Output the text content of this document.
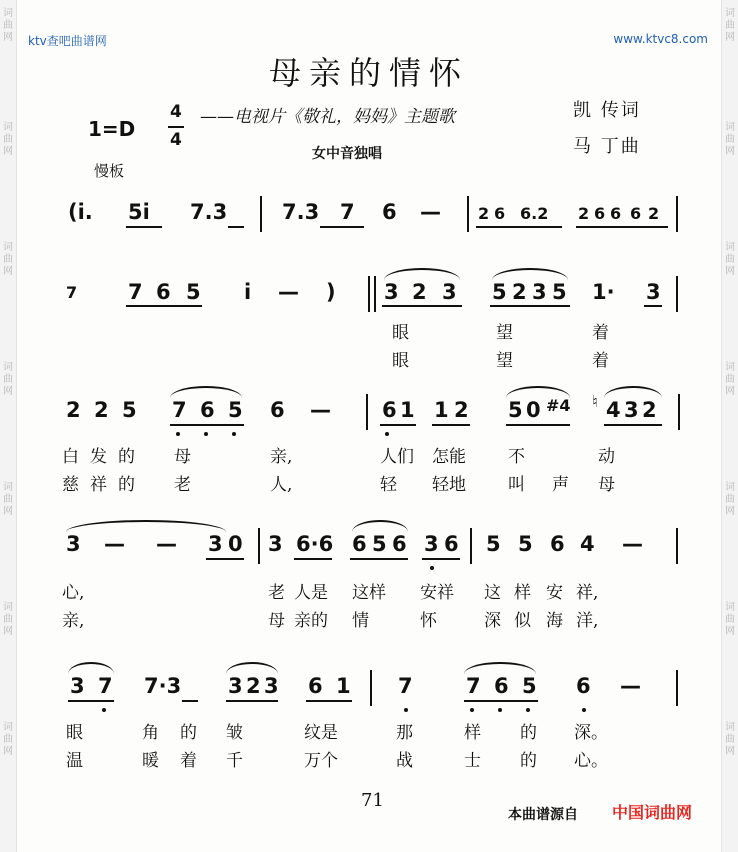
词
曲
网
词
曲
网
词
曲
网
词
曲
网
词
曲
网
词
曲
网
词
曲
网
词
曲
网
词
曲
网
词
曲
网
词
曲
网
词
曲
网
词
曲
网
词
曲
网
ktv查吧曲谱网	www.ktvc8.com
母亲的情怀
1=D
4
4
——电视片《敬礼，妈妈》主题歌
女中音独唱
凯 传词
马 丁曲
慢板
(i. 5i 7.3	7.3 7 6 — 2 6 6.2 2 6 6 6 2
7 7 6 5 i — ) 3 2 3 5 2 3 5 1· 3
眼	望	着
眼	望	着
2 2 5 7 6 5 6 — 6 1 1 2 5 0 #4 ♮ 4 3 2
白 发 的 母	亲,	人们 怎能 不	动
慈 祥 的 老	人,	轻 轻地 叫 声 母
3 — — 3 0 3 6·6 6 5 6 3 6 5 5 6 4 —
心,	老 人是 这样 安祥 这 样 安 祥,
亲,	母 亲的 情	怀	深 似 海 洋,
3 7 7·3 3 2 3 6 1 7	7 6 5 6 —
眼	角 的 皱	纹是	那	样 的 深。
温	暖 着 千	万个	战	士 的 心。
71
本曲谱源自 中国词曲网
